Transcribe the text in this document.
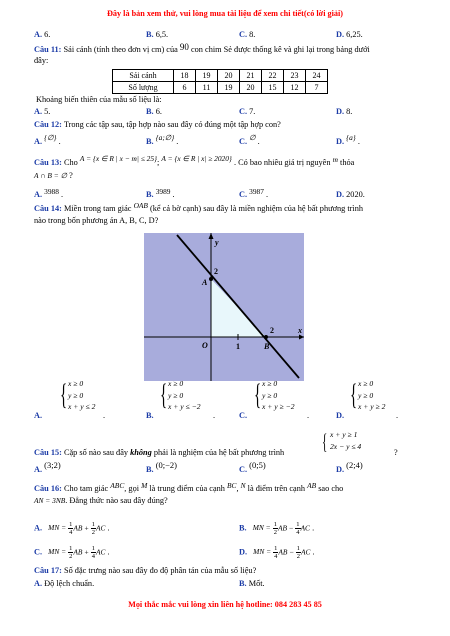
Đây là bản xem thử, vui lòng mua tài liệu để xem chi tiết(có lời giải)
A. 6.	B. 6,5.	C. 8.	D. 6,25.
Câu 11: Sải cánh (tính theo đơn vị cm) của 90 con chim Sẻ được thống kê và ghi lại trong bảng dưới
đây:
Sải cánh	18	19	20	21	22	23	24
Số lượng	6	11	19	20	15	12	7
Khoảng biến thiên của mẫu số liệu là:
A. 5.	B. 6.	C. 7.	D. 8.
Câu 12: Trong các tập sau, tập hợp nào sau đây có đúng một tập hợp con?
A. {∅} .	B. {a;∅} .	C. ∅ .	D. {a} .
Câu 13: Cho A = {x ∈ R | x − m| ≤ 25}; A = {x ∈ R | x| ≥ 2020} . Có bao nhiêu giá trị nguyên m thỏa
A ∩ B = ∅ ?
A. 3988 .	B. 3989 .	C. 3987 .	D. 2020.
Câu 14: Miền trong tam giác OAB (kể cả bờ cạnh) sau đây là miền nghiệm của hệ bất phương trình
nào trong bốn phương án A, B, C, D?
y
x
2
A
O	1
2
B
A.
{ x ≥ 0
y ≥ 0
x + y ≤ 2
.	B.
{ x ≥ 0
y ≥ 0
x + y ≤ −2
.	C.
{ x ≥ 0
y ≥ 0
x + y ≥ −2
.	D.
{ x ≥ 0
y ≥ 0
x + y ≥ 2
.
Câu 15: Cặp số nào sau đây không phải là nghiệm của hệ bất phương trình { x + y ≥ 1
2x − y ≤ 4
?
A. (3;2)	B. (0;−2)	C. (0;5)	D. (2;4)
Câu 16: Cho tam giác ABC, gọi M là trung điểm của cạnh BC, N là điểm trên cạnh AB sao cho
AN = 3NB. Đẳng thức nào sau đây đúng?
A. MN = $\frac{1}{4}$ AB + $\frac{1}{2}$ AC .	B. MN = $\frac{1}{2}$ AB − $\frac{1}{4}$ AC .
C. MN = $\frac{1}{2}$ AB + $\frac{1}{4}$ AC .	D. MN = $\frac{1}{4}$ AB − $\frac{1}{2}$ AC .
Câu 17: Số đặc trưng nào sau đây đo độ phân tán của mẫu số liệu?
A. Độ lệch chuẩn.	B. Mốt.
Mọi thắc mắc vui lòng xin liên hệ hotline: 084 283 45 85
